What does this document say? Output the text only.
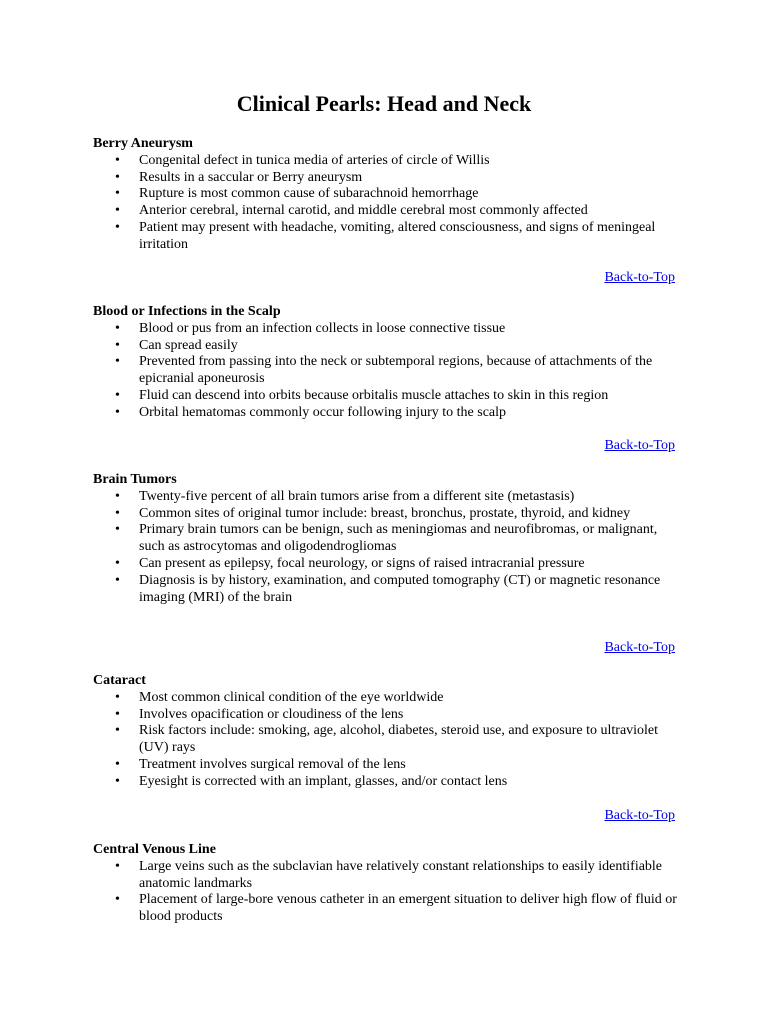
Clinical Pearls: Head and Neck
Berry Aneurysm
• Congenital defect in tunica media of arteries of circle of Willis
• Results in a saccular or Berry aneurysm
• Rupture is most common cause of subarachnoid hemorrhage
• Anterior cerebral, internal carotid, and middle cerebral most commonly affected
• Patient may present with headache, vomiting, altered consciousness, and signs of meningeal irritation
Back-to-Top
Blood or Infections in the Scalp
• Blood or pus from an infection collects in loose connective tissue
• Can spread easily
• Prevented from passing into the neck or subtemporal regions, because of attachments of the epicranial aponeurosis
• Fluid can descend into orbits because orbitalis muscle attaches to skin in this region
• Orbital hematomas commonly occur following injury to the scalp
Back-to-Top
Brain Tumors
• Twenty-five percent of all brain tumors arise from a different site (metastasis)
• Common sites of original tumor include: breast, bronchus, prostate, thyroid, and kidney
• Primary brain tumors can be benign, such as meningiomas and neurofibromas, or malignant, such as astrocytomas and oligodendrogliomas
• Can present as epilepsy, focal neurology, or signs of raised intracranial pressure
• Diagnosis is by history, examination, and computed tomography (CT) or magnetic resonance imaging (MRI) of the brain
Back-to-Top
Cataract
• Most common clinical condition of the eye worldwide
• Involves opacification or cloudiness of the lens
• Risk factors include: smoking, age, alcohol, diabetes, steroid use, and exposure to ultraviolet (UV) rays
• Treatment involves surgical removal of the lens
• Eyesight is corrected with an implant, glasses, and/or contact lens
Back-to-Top
Central Venous Line
• Large veins such as the subclavian have relatively constant relationships to easily identifiable anatomic landmarks
• Placement of large-bore venous catheter in an emergent situation to deliver high flow of fluid or blood products
